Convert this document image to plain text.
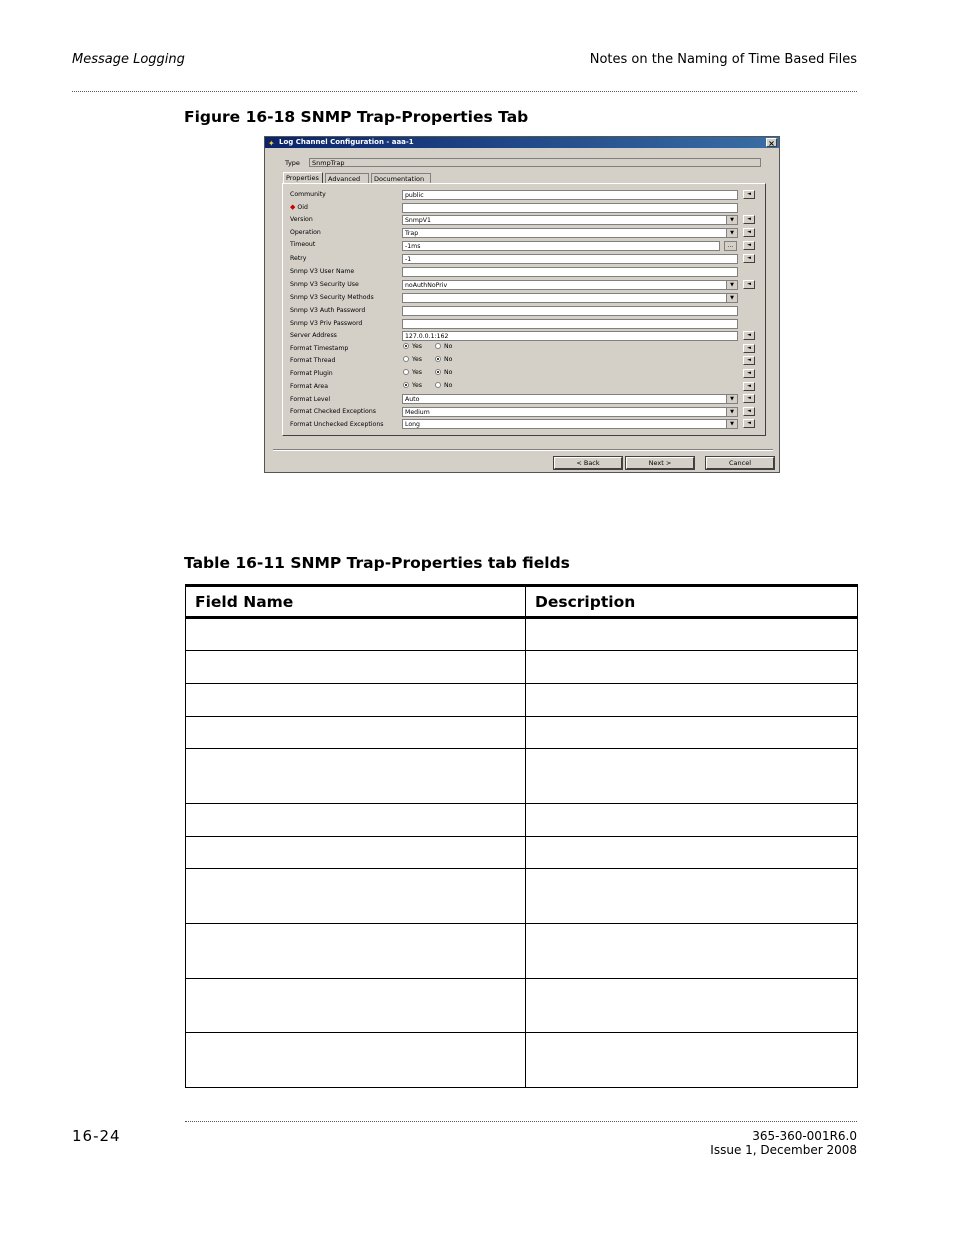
Message Logging	Notes on the Naming of Time Based Files
Figure 16-18 SNMP Trap-Properties Tab
✦ Log Channel Configuration - aaa-1	×
Type	SnmpTrap
Properties	Advanced	Documentation
Community	public	◄
◆ Oid
Version	SnmpV1	▼	◄
Operation	Trap	▼	◄
Timeout	-1ms	…	◄
Retry	-1	◄
Snmp V3 User Name
Snmp V3 Security Use	noAuthNoPriv	▼	◄
Snmp V3 Security Methods	▼
Snmp V3 Auth Password
Snmp V3 Priv Password
Server Address	127.0.0.1:162	◄
Format Timestamp	Yes	No	◄
Format Thread	Yes	No	◄
Format Plugin	Yes	No	◄
Format Area	Yes	No	◄
Format Level	Auto	▼	◄
Format Checked Exceptions	Medium	▼	◄
Format Unchecked Exceptions	Long	▼	◄
< Back	Next >	Cancel
Table 16-11 SNMP Trap-Properties tab fields
Field Name	Description

16-24	365-360-001R6.0
Issue 1, December 2008
